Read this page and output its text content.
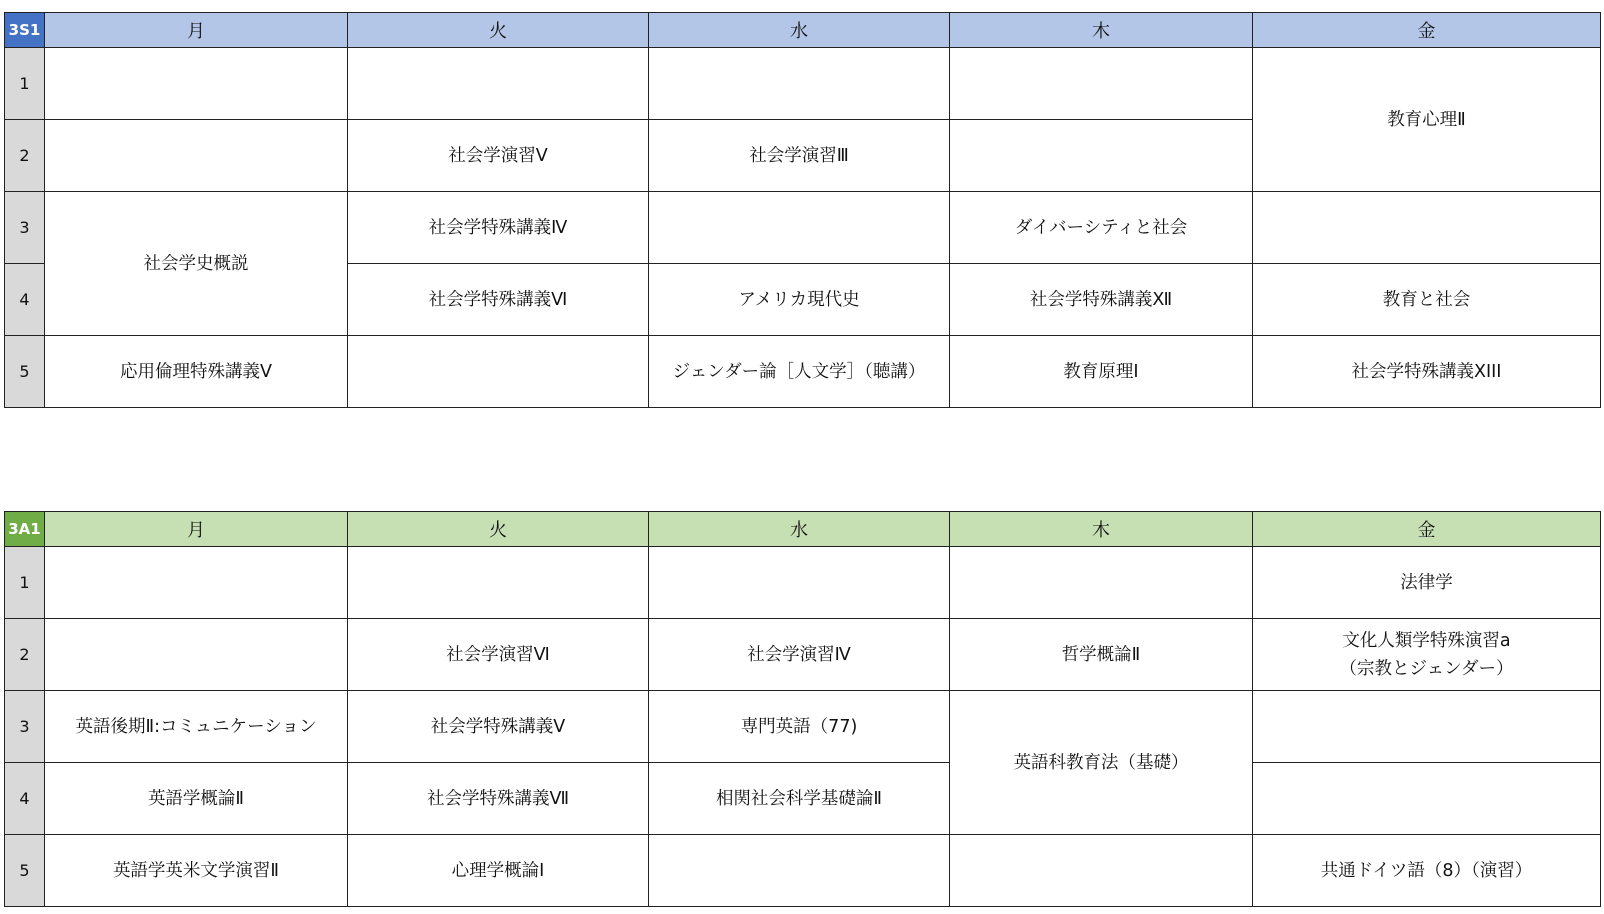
3S1	月	火	水	木	金
1					教育心理Ⅱ
2		社会学演習Ⅴ	社会学演習Ⅲ		
3	社会学史概説	社会学特殊講義Ⅳ		ダイバーシティと社会	
4		社会学特殊講義Ⅵ	アメリカ現代史	社会学特殊講義Ⅻ	教育と社会
5	応用倫理特殊講義Ⅴ		ジェンダー論［人文学］（聴講）	教育原理Ⅰ	社会学特殊講義XIII
3A1	月	火	水	木	金
1					法律学
2		社会学演習Ⅵ	社会学演習Ⅳ	哲学概論Ⅱ	文化人類学特殊演習a
（宗教とジェンダー）

3	英語後期Ⅱ:コミュニケーション	社会学特殊講義Ⅴ	専門英語（77)	英語科教育法（基礎）	
4	英語学概論Ⅱ	社会学特殊講義Ⅶ	相関社会科学基礎論Ⅱ		
5	英語学英米文学演習Ⅱ	心理学概論Ⅰ			共通ドイツ語（8）（演習）
